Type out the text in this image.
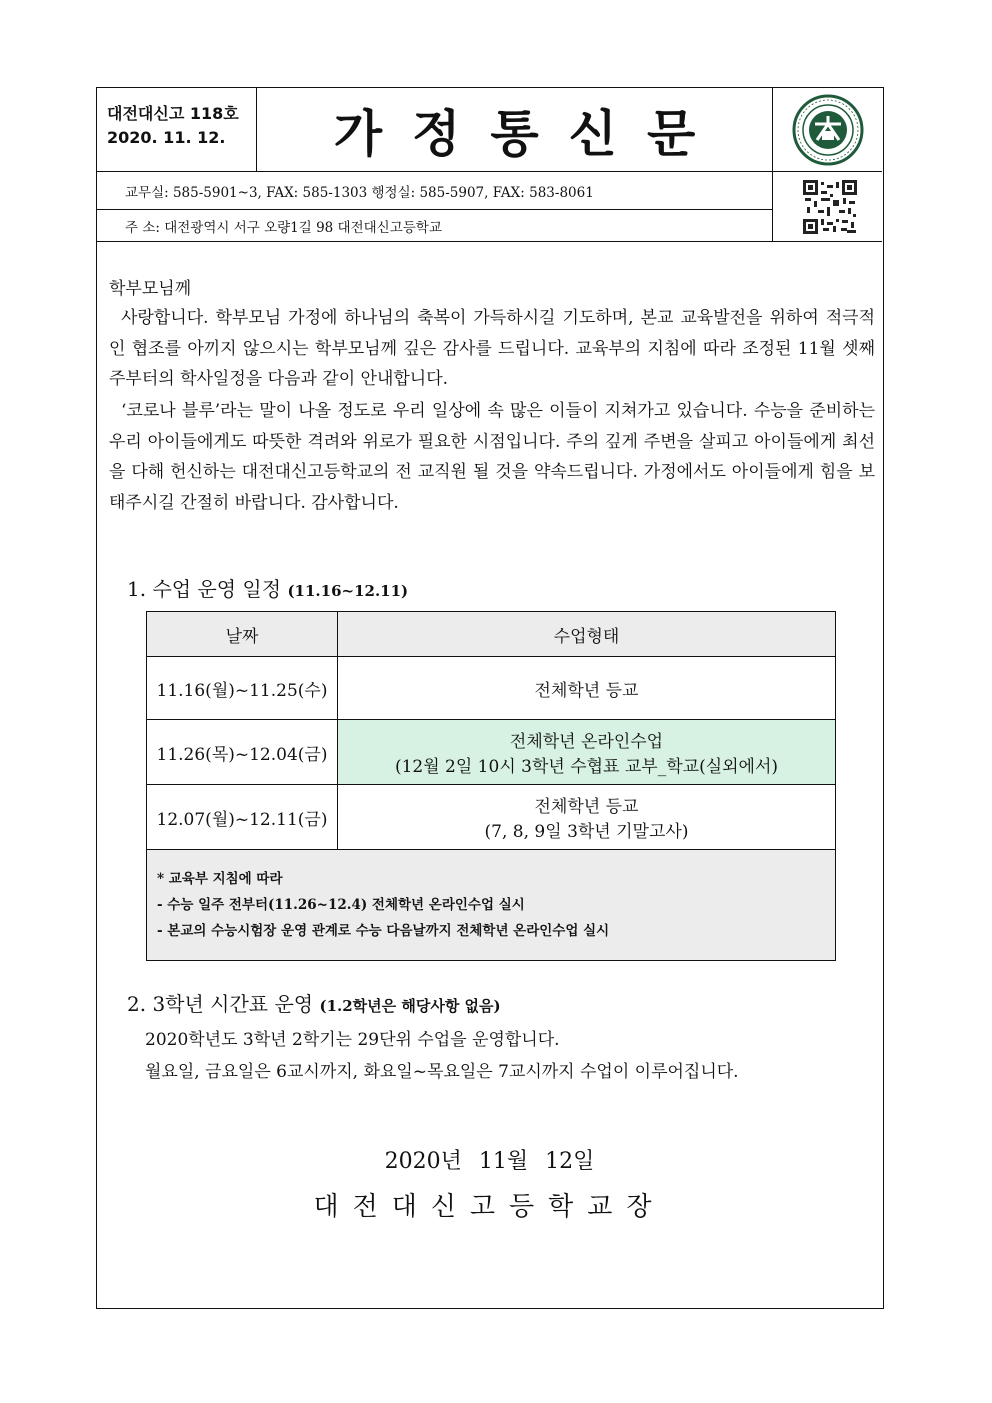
대전대신고 118호
2020. 11. 12.	가정통신문
교무실: 585-5901~3, FAX: 585-1303 행정실: 585-5907, FAX: 583-8061
주 소: 대전광역시 서구 오량1길 98 대전대신고등학교
학부모님께
사랑합니다. 학부모님 가정에 하나님의 축복이 가득하시길 기도하며, 본교 교육발전을 위하여 적극적인 협조를 아끼지 않으시는 학부모님께 깊은 감사를 드립니다. 교육부의 지침에 따라 조정된 11월 셋째 주부터의 학사일정을 다음과 같이 안내합니다.
‘코로나 블루’라는 말이 나올 정도로 우리 일상에 속 많은 이들이 지쳐가고 있습니다. 수능을 준비하는 우리 아이들에게도 따뜻한 격려와 위로가 필요한 시점입니다. 주의 깊게 주변을 살피고 아이들에게 최선을 다해 헌신하는 대전대신고등학교의 전 교직원 될 것을 약속드립니다. 가정에서도 아이들에게 힘을 보태주시길 간절히 바랍니다. 감사합니다.
1. 수업 운영 일정 (11.16~12.11)
날짜	수업형태
11.16(월)~11.25(수)	전체학년 등교
11.26(목)~12.04(금)	전체학년 온라인수업
(12월 2일 10시 3학년 수협표 교부_학교(실외에서)

12.07(월)~12.11(금)	전체학년 등교
(7, 8, 9일 3학년 기말고사)

* 교육부 지침에 따라
- 수능 일주 전부터(11.26~12.4) 전체학년 온라인수업 실시
- 본교의 수능시험장 운영 관계로 수능 다음날까지 전체학년 온라인수업 실시	
2. 3학년 시간표 운영 (1.2학년은 해당사항 없음)
2020학년도 3학년 2학기는 29단위 수업을 운영합니다.
월요일, 금요일은 6교시까지, 화요일~목요일은 7교시까지 수업이 이루어집니다.
2020년 11월 12일
대전대신고등학교장
